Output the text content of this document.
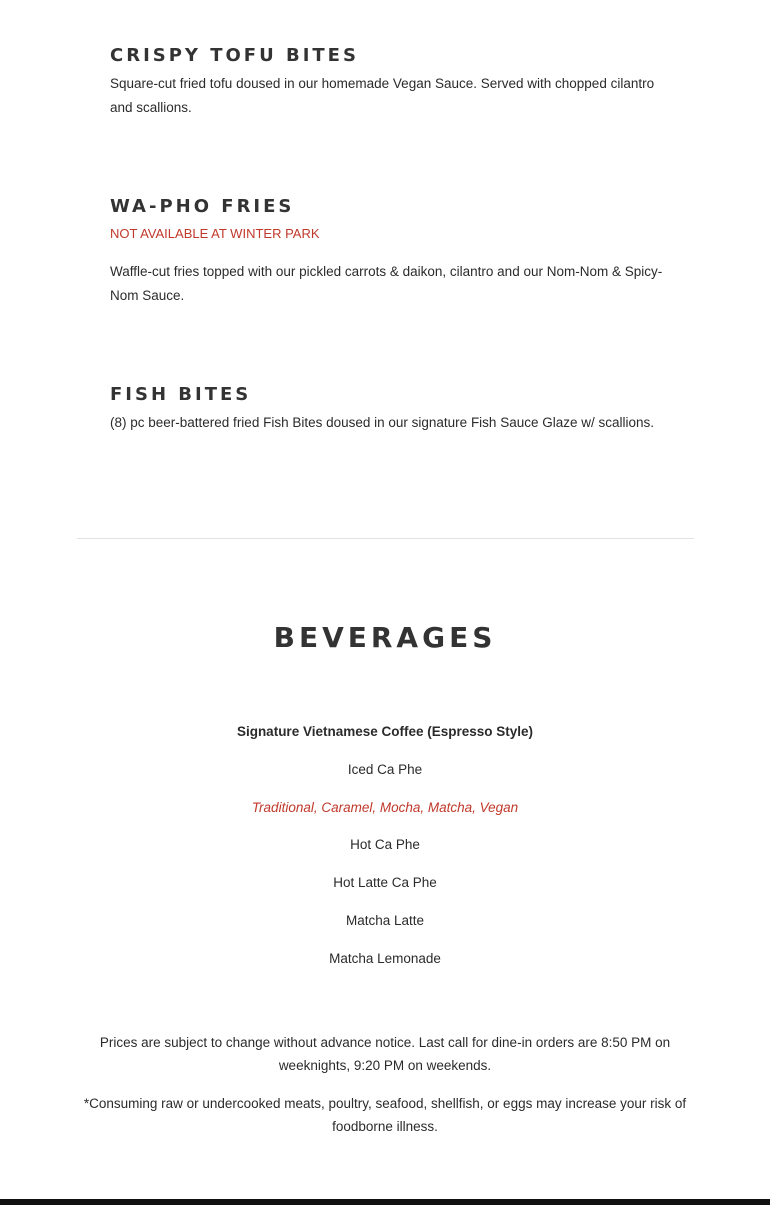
CRISPY TOFU BITES
Square-cut fried tofu doused in our homemade Vegan Sauce. Served with chopped cilantro and scallions.
WA-PHO FRIES
NOT AVAILABLE AT WINTER PARK
Waffle-cut fries topped with our pickled carrots & daikon, cilantro and our Nom-Nom & Spicy-Nom Sauce.
FISH BITES
(8) pc beer-battered fried Fish Bites doused in our signature Fish Sauce Glaze w/ scallions.
BEVERAGES
Signature Vietnamese Coffee (Espresso Style)
Iced Ca Phe
Traditional, Caramel, Mocha, Matcha, Vegan
Hot Ca Phe
Hot Latte Ca Phe
Matcha Latte
Matcha Lemonade
Prices are subject to change without advance notice. Last call for dine-in orders are 8:50 PM on weeknights, 9:20 PM on weekends.
*Consuming raw or undercooked meats, poultry, seafood, shellfish, or eggs may increase your risk of foodborne illness.
